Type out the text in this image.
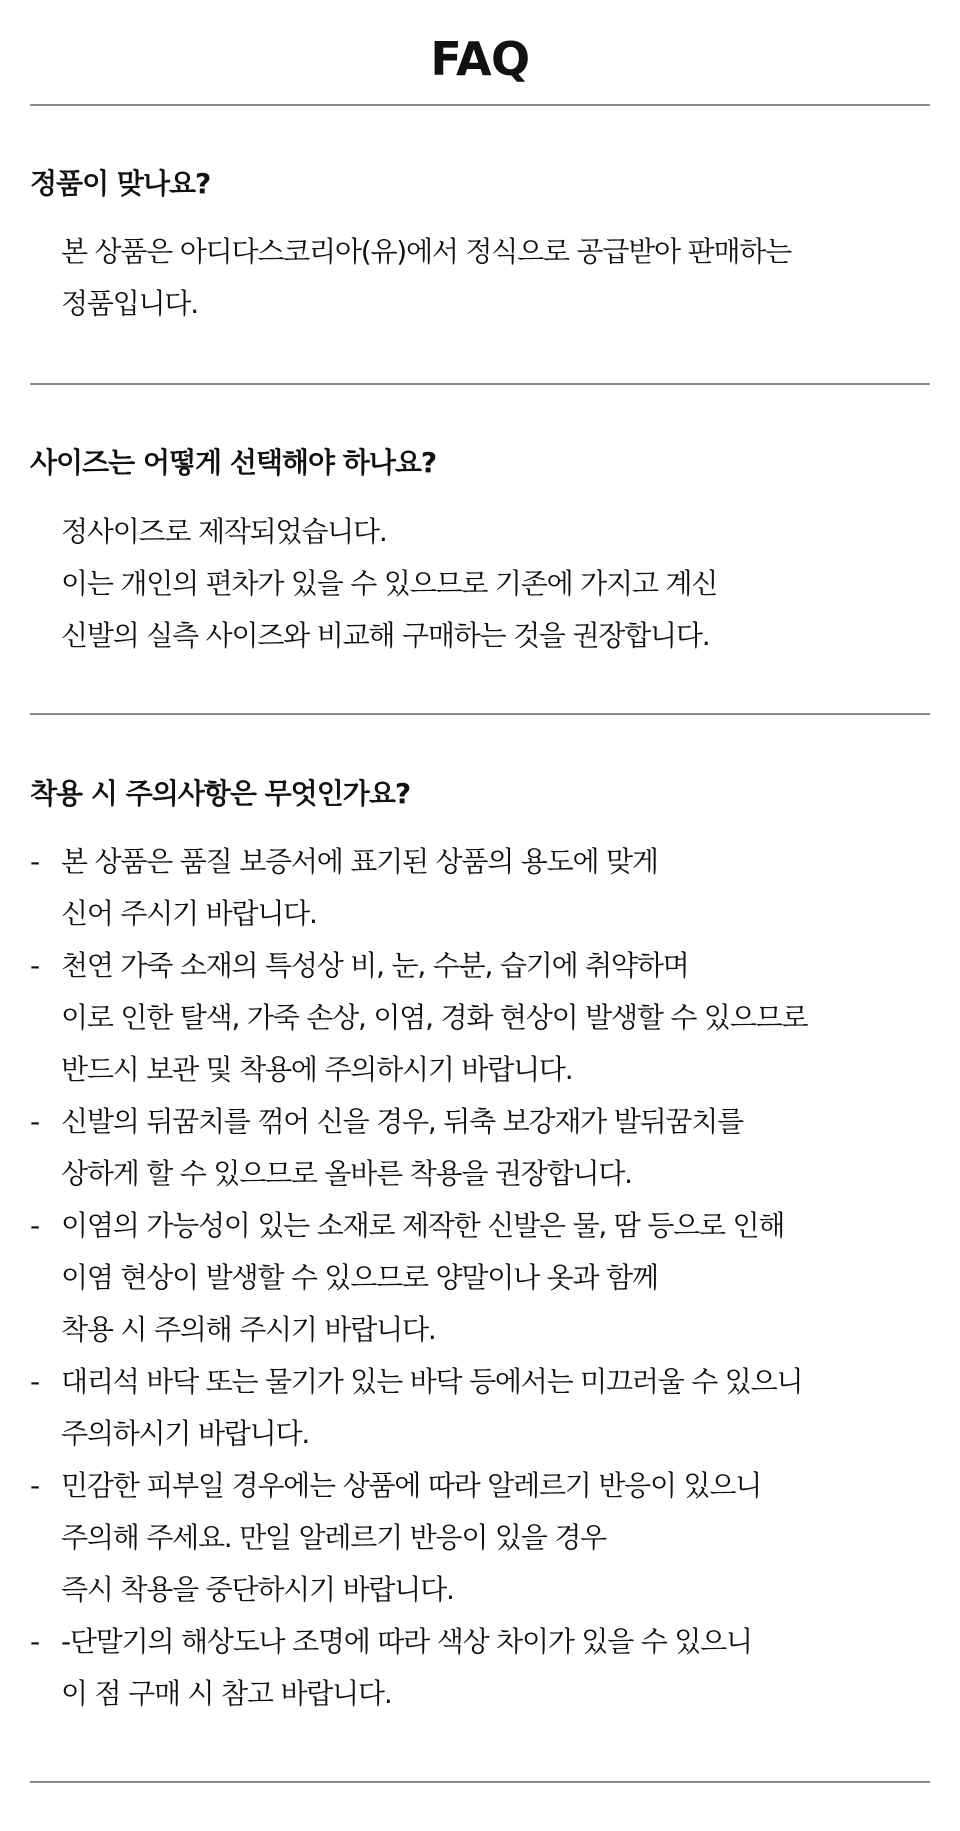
FAQ
정품이 맞나요?
본 상품은 아디다스코리아(유)에서 정식으로 공급받아 판매하는
정품입니다.
사이즈는 어떻게 선택해야 하나요?
정사이즈로 제작되었습니다.
이는 개인의 편차가 있을 수 있으므로 기존에 가지고 계신
신발의 실측 사이즈와 비교해 구매하는 것을 권장합니다.
착용 시 주의사항은 무엇인가요?
- 본 상품은 품질 보증서에 표기된 상품의 용도에 맞게
신어 주시기 바랍니다.
- 천연 가죽 소재의 특성상 비, 눈, 수분, 습기에 취약하며
이로 인한 탈색, 가죽 손상, 이염, 경화 현상이 발생할 수 있으므로
반드시 보관 및 착용에 주의하시기 바랍니다.
- 신발의 뒤꿈치를 꺾어 신을 경우, 뒤축 보강재가 발뒤꿈치를
상하게 할 수 있으므로 올바른 착용을 권장합니다.
- 이염의 가능성이 있는 소재로 제작한 신발은 물, 땀 등으로 인해
이염 현상이 발생할 수 있으므로 양말이나 옷과 함께
착용 시 주의해 주시기 바랍니다.
- 대리석 바닥 또는 물기가 있는 바닥 등에서는 미끄러울 수 있으니
주의하시기 바랍니다.
- 민감한 피부일 경우에는 상품에 따라 알레르기 반응이 있으니
주의해 주세요. 만일 알레르기 반응이 있을 경우
즉시 착용을 중단하시기 바랍니다.
- -단말기의 해상도나 조명에 따라 색상 차이가 있을 수 있으니
이 점 구매 시 참고 바랍니다.
